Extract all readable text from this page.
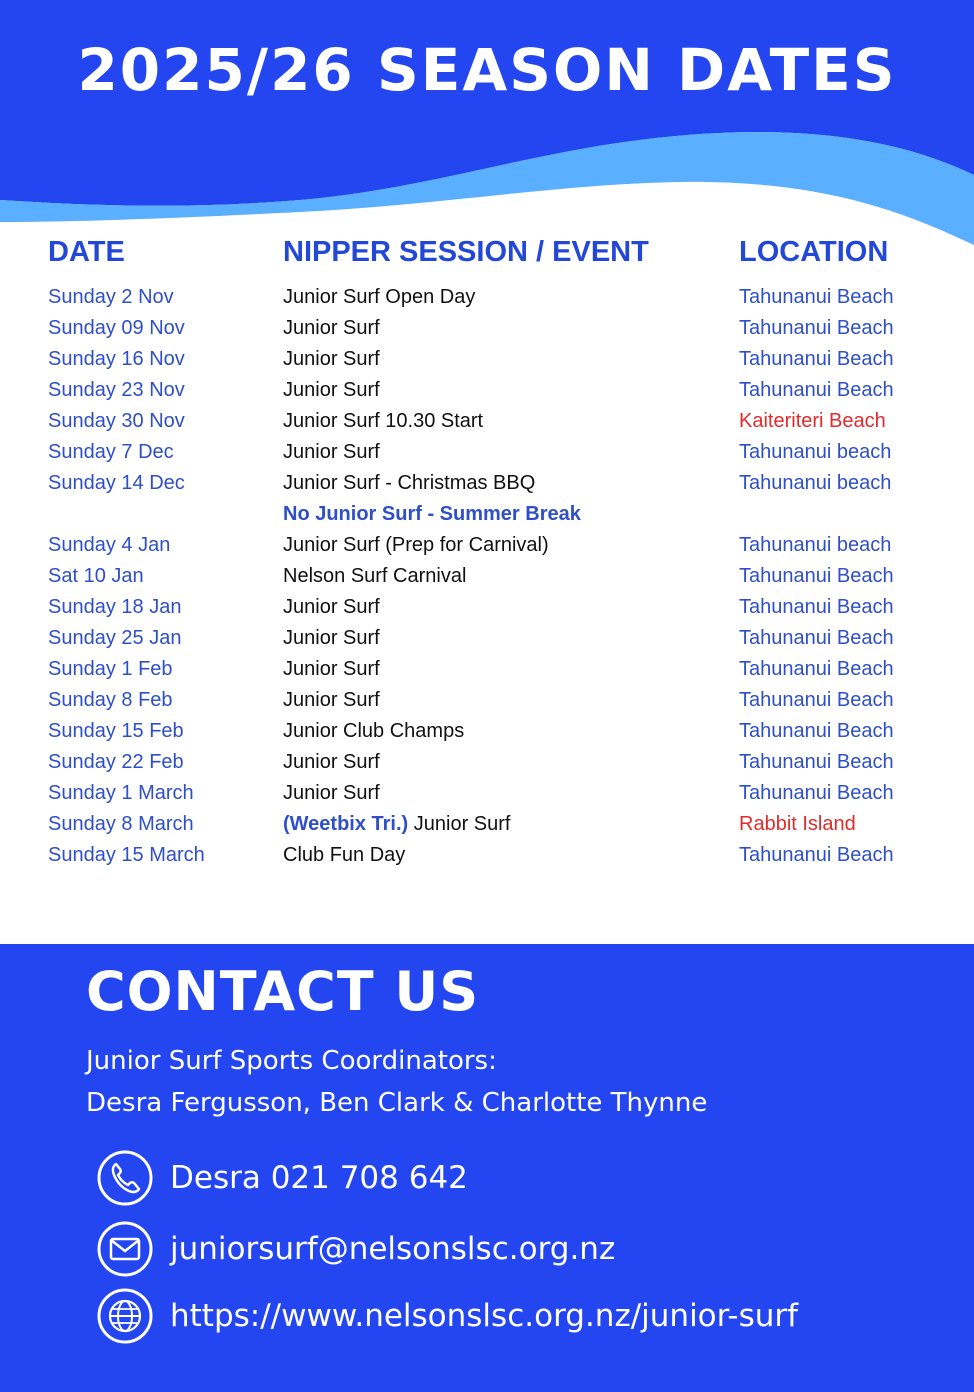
2025/26 SEASON DATES
DATE	NIPPER SESSION / EVENT	LOCATION
Sunday 2 Nov	Junior Surf Open Day	Tahunanui Beach
Sunday 09 Nov	Junior Surf	Tahunanui Beach
Sunday 16 Nov	Junior Surf	Tahunanui Beach
Sunday 23 Nov	Junior Surf	Tahunanui Beach
Sunday 30 Nov	Junior Surf 10.30 Start	Kaiteriteri Beach
Sunday 7 Dec	Junior Surf	Tahunanui beach
Sunday 14 Dec	Junior Surf - Christmas BBQ	Tahunanui beach
No Junior Surf - Summer Break
Sunday 4 Jan	Junior Surf (Prep for Carnival)	Tahunanui beach
Sat 10 Jan	Nelson Surf Carnival	Tahunanui Beach
Sunday 18 Jan	Junior Surf	Tahunanui Beach
Sunday 25 Jan	Junior Surf	Tahunanui Beach
Sunday 1 Feb	Junior Surf	Tahunanui Beach
Sunday 8 Feb	Junior Surf	Tahunanui Beach
Sunday 15 Feb	Junior Club Champs	Tahunanui Beach
Sunday 22 Feb	Junior Surf	Tahunanui Beach
Sunday 1 March	Junior Surf	Tahunanui Beach
Sunday 8 March	(Weetbix Tri.) Junior Surf	Rabbit Island
Sunday 15 March	Club Fun Day	Tahunanui Beach
CONTACT US
Junior Surf Sports Coordinators:
Desra Fergusson, Ben Clark & Charlotte Thynne
Desra 021 708 642
juniorsurf@nelsonslsc.org.nz
https://www.nelsonslsc.org.nz/junior-surf
